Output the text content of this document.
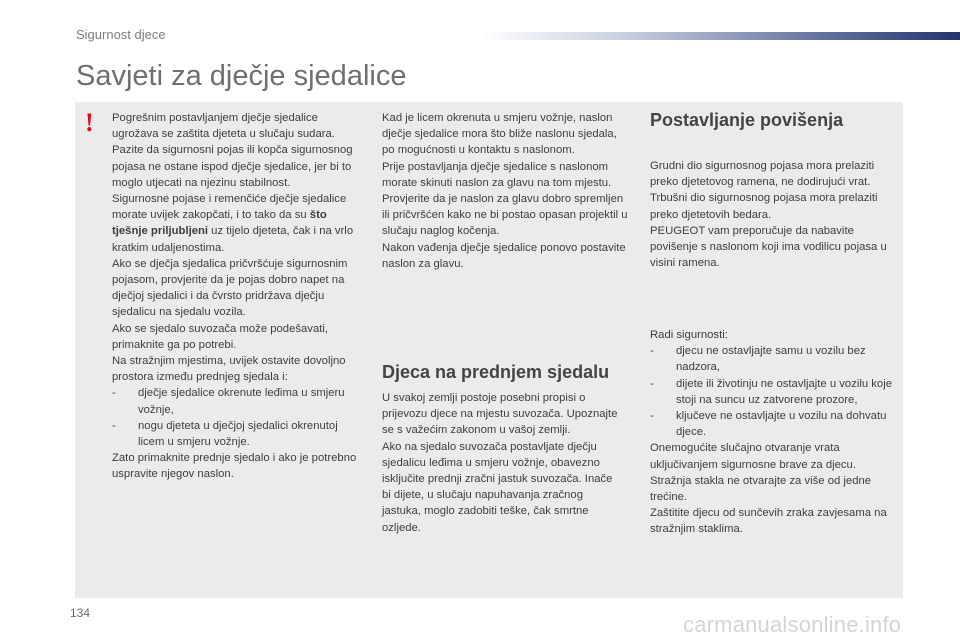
Sigurnost djece
Savjeti za dječje sjedalice
! Pogrešnim postavljanjem dječje sjedalice ugrožava se zaštita djeteta u slučaju sudara.

Pazite da sigurnosni pojas ili kopča sigurnosnog pojasa ne ostane ispod dječje sjedalice, jer bi to moglo utjecati na njezinu stabilnost.

Sigurnosne pojase i remenčiće dječje sjedalice morate uvijek zakopčati, i to tako da su što tješnje priljubljeni uz tijelo djeteta, čak i na vrlo kratkim udaljenostima.

Ako se dječja sjedalica pričvršćuje sigurnosnim pojasom, provjerite da je pojas dobro napet na dječjoj sjedalici i da čvrsto pridržava dječju sjedalicu na sjedalu vozila.

Ako se sjedalo suvozača može podešavati, primaknite ga po potrebi.

Na stražnjim mjestima, uvijek ostavite dovoljno prostora između prednjeg sjedala i:

- dječje sjedalice okrenute leđima u smjeru vožnje,

- nogu djeteta u dječjoj sjedalici okrenutoj licem u smjeru vožnje.

Zato primaknite prednje sjedalo i ako je potrebno uspravite njegov naslon.

Kad je licem okrenuta u smjeru vožnje, naslon dječje sjedalice mora što bliže naslonu sjedala, po mogućnosti u kontaktu s naslonom.

Prije postavljanja dječje sjedalice s naslonom morate skinuti naslon za glavu na tom mjestu.

Provjerite da je naslon za glavu dobro spremljen ili pričvršćen kako ne bi postao opasan projektil u slučaju naglog kočenja.

Nakon vađenja dječje sjedalice ponovo postavite naslon za glavu.

Djeca na prednjem sjedalu

U svakoj zemlji postoje posebni propisi o prijevozu djece na mjestu suvozača. Upoznajte se s važećim zakonom u vašoj zemlji.

Ako na sjedalo suvozača postavljate dječju sjedalicu leđima u smjeru vožnje, obavezno isključite prednji zračni jastuk suvozača. Inače bi dijete, u slučaju napuhavanja zračnog jastuka, moglo zadobiti teške, čak smrtne ozljede.

Postavljanje povišenja

Grudni dio sigurnosnog pojasa mora prelaziti preko djetetovog ramena, ne dodirujući vrat.

Trbušni dio sigurnosnog pojasa mora prelaziti preko djetetovih bedara.

PEUGEOT vam preporučuje da nabavite povišenje s naslonom koji ima vodilicu pojasa u visini ramena.

Radi sigurnosti:

- djecu ne ostavljajte samu u vozilu bez nadzora,

- dijete ili životinju ne ostavljajte u vozilu koje stoji na suncu uz zatvorene prozore,

- ključeve ne ostavljajte u vozilu na dohvatu djece.

Onemogućite slučajno otvaranje vrata uključivanjem sigurnosne brave za djecu.

Stražnja stakla ne otvarajte za više od jedne trećine.

Zaštitite djecu od sunčevih zraka zavjesama na stražnjim staklima.

134	carmanualsonline.info
